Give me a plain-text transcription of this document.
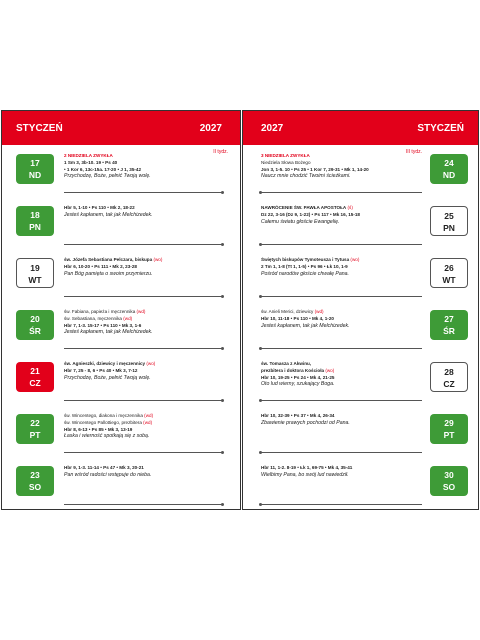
STYCZEŃ	2027
17
ND
II tydz.
2 NIEDZIELA ZWYKŁA
1 Sm 3, 3b-10. 19 • Ps 40
• 1 Kor 6, 13c-15a. 17-20 • J 1, 35-42
Przychodzę, Boże, pełnić Twoją wolę.
18
PN
Hbr 5, 1-10 • Ps 110 • Mk 2, 18-22
Jesteś kapłanem, tak jak Melchizedek.
19
WT
św. Józefa Sebastiana Pelczara, biskupa (wo)
Hbr 6, 10-20 • Ps 111 • Mk 2, 23-28
Pan Bóg pamięta o swoim przymierzu.
20
ŚR
św. Fabiana, papieża i męczennika (wd)
św. Sebastiana, męczennika (wd)
Hbr 7, 1-3. 15-17 • Ps 110 • Mk 3, 1-6
Jesteś kapłanem, tak jak Melchizedek.
21
CZ
św. Agnieszki, dziewicy i męczennicy (wo)
Hbr 7, 25 - 8, 6 • Ps 40 • Mk 3, 7-12
Przychodzę, Boże, pełnić Twoją wolę.
22
PT
św. Wincentego, diakona i męczennika (wd)
św. Wincentego Pallottiego, prezbitera (wd)
Hbr 8, 6-13 • Ps 85 • Mk 3, 13-19
Łaska i wierność spotkają się z sobą.
23
SO
Hbr 9, 1-3. 11-14 • Ps 47 • Mk 3, 20-21
Pan wśród radości wstępuje do nieba.
2027	STYCZEŃ
24
ND
III tydz.
3 NIEDZIELA ZWYKŁA
Niedziela Słowa Bożego
Jon 3, 1-5. 10 • Ps 25 • 1 Kor 7, 29-31 • Mk 1, 14-20
Naucz mnie chodzić Twoimi ścieżkami.
25
PN
NAWRÓCENIE ŚW. PAWŁA APOSTOŁA (ś)
Dz 22, 3-16 (Dz 9, 1-22) • Ps 117 • Mk 16, 15-18
Całemu światu głoście Ewangelię.
26
WT
Świętych biskupów Tymoteusza i Tytusa (wo)
2 Tm 1, 1-8 (Tt 1, 1-5) • Ps 96 • Łk 10, 1-9
Pośród narodów głoście chwałę Pana.
27
ŚR
św. Anieli Merici, dziewicy (wd)
Hbr 10, 11-18 • Ps 110 • Mk 4, 1-20
Jesteś kapłanem, tak jak Melchizedek.
28
CZ
św. Tomasza z Akwinu,
prezbitera i doktora Kościoła (wo)
Hbr 10, 19-25 • Ps 24 • Mk 4, 21-25
Oto lud wierny, szukający Boga.
29
PT
Hbr 10, 32-39 • Ps 37 • Mk 4, 26-34
Zbawienie prawych pochodzi od Pana.
30
SO
Hbr 11, 1-2. 8-19 • Łk 1, 69-75 • Mk 4, 35-41
Wielbimy Pana, bo swój lud nawiedził.
